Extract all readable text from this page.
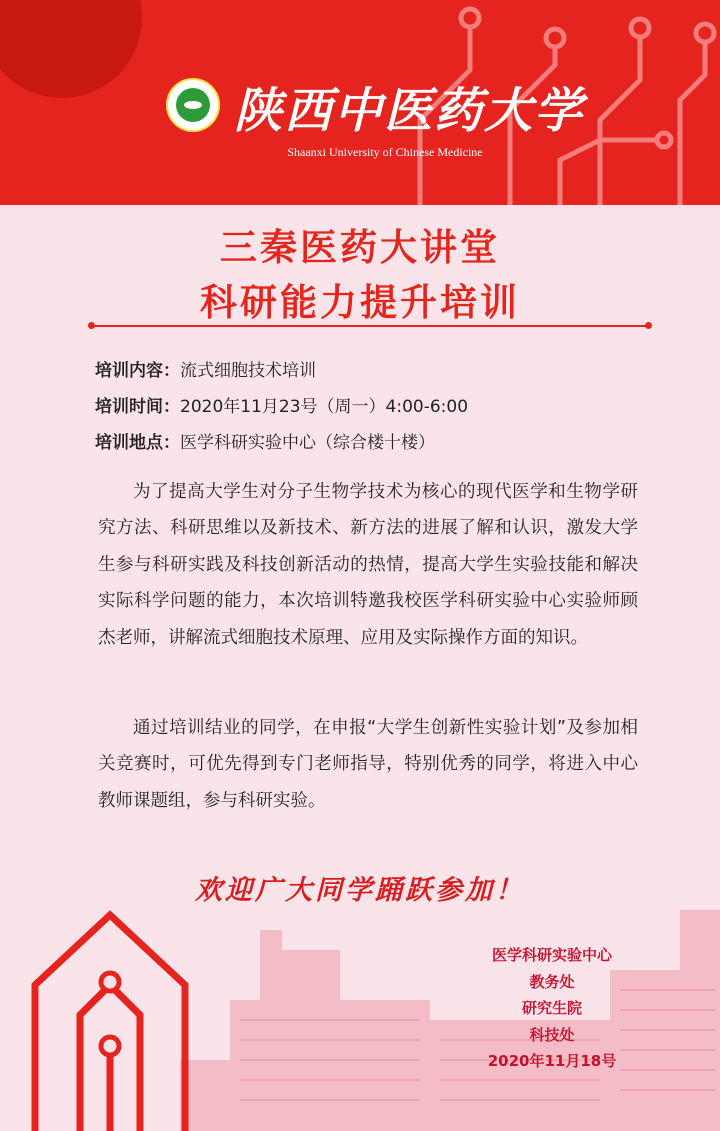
陕西中医药大学
Shaanxi University of Chinese Medicine
三秦医药大讲堂
科研能力提升培训
培训内容：流式细胞技术培训
培训时间：2020年11月23号（周一）4:00-6:00
培训地点：医学科研实验中心（综合楼十楼）

为了提高大学生对分子生物学技术为核心的现代医学和生物学研究方法、科研思维以及新技术、新方法的进展了解和认识，激发大学生参与科研实践及科技创新活动的热情，提高大学生实验技能和解决实际科学问题的能力，本次培训特邀我校医学科研实验中心实验师顾杰老师，讲解流式细胞技术原理、应用及实际操作方面的知识。

通过培训结业的同学，在申报“大学生创新性实验计划”及参加相关竞赛时，可优先得到专门老师指导，特别优秀的同学，将进入中心教师课题组，参与科研实验。

欢迎广大同学踊跃参加！
医学科研实验中心
教务处
研究生院
科技处
2020年11月18号
